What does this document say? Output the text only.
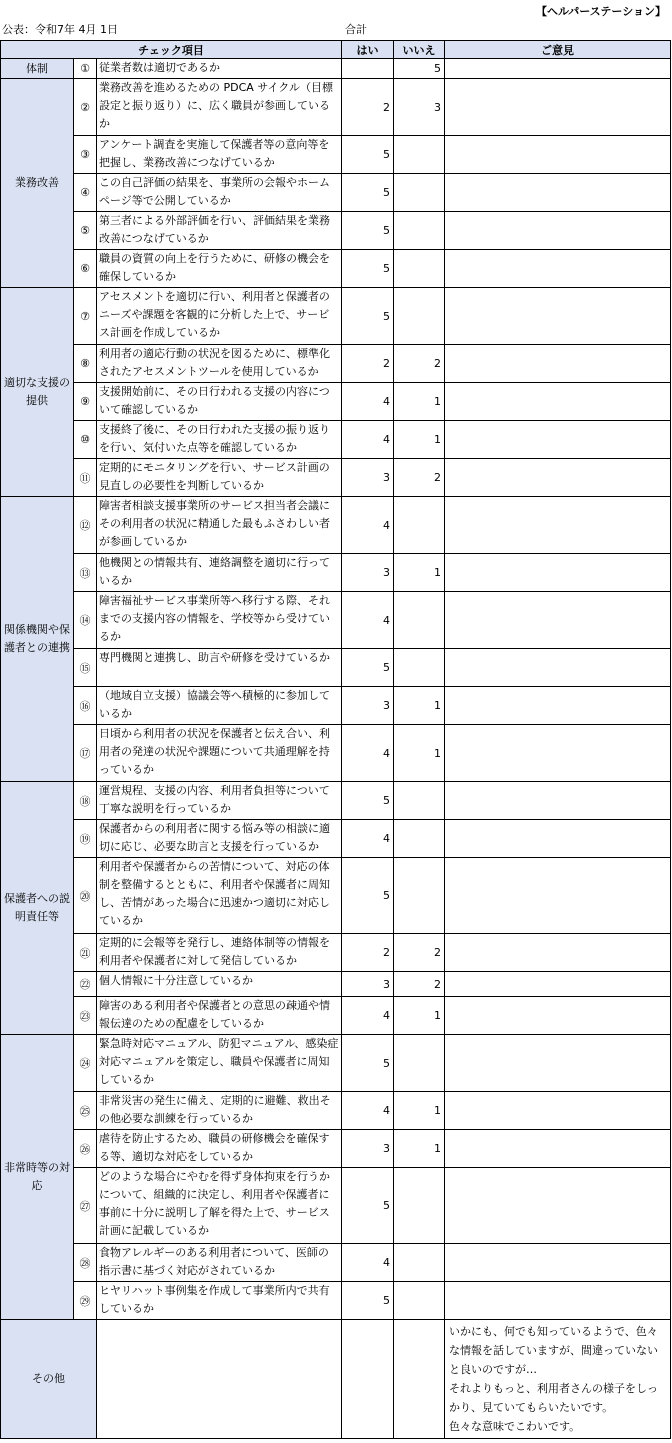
【ヘルパーステーション】
公表：令和7年 4月 1日	合計
チェック項目			はい	いいえ	ご意見
体制	①	従業者数は適切であるか		5	
業務改善	②	業務改善を進めるための PDCA サイクル（目標設定と振り返り）に、広く職員が参画しているか	2	3	
	③	アンケート調査を実施して保護者等の意向等を把握し、業務改善につなげているか	5		
	④	この自己評価の結果を、事業所の会報やホームページ等で公開しているか	5		
	⑤	第三者による外部評価を行い、評価結果を業務改善につなげているか	5		
	⑥	職員の資質の向上を行うために、研修の機会を確保しているか	5		
適切な支援の提供	⑦	アセスメントを適切に行い、利用者と保護者のニーズや課題を客観的に分析した上で、サービス計画を作成しているか	5		
	⑧	利用者の適応行動の状況を図るために、標準化されたアセスメントツールを使用しているか	2	2	
	⑨	支援開始前に、その日行われる支援の内容について確認しているか	4	1	
	⑩	支援終了後に、その日行われた支援の振り返りを行い、気付いた点等を確認しているか	4	1	
	⑪	定期的にモニタリングを行い、サービス計画の見直しの必要性を判断しているか	3	2	
関係機関や保護者との連携	⑫	障害者相談支援事業所のサービス担当者会議にその利用者の状況に精通した最もふさわしい者が参画しているか	4		
	⑬	他機関との情報共有、連絡調整を適切に行っているか	3	1	
	⑭	障害福祉サービス事業所等へ移行する際、それまでの支援内容の情報を、学校等から受けているか	4		
	⑮	専門機関と連携し、助言や研修を受けているか	5		
	⑯	（地域自立支援）協議会等へ積極的に参加しているか	3	1	
	⑰	日頃から利用者の状況を保護者と伝え合い、利用者の発達の状況や課題について共通理解を持っているか	4	1	
保護者への説明責任等	⑱	運営規程、支援の内容、利用者負担等について丁寧な説明を行っているか	5		
	⑲	保護者からの利用者に関する悩み等の相談に適切に応じ、必要な助言と支援を行っているか	4		
	⑳	利用者や保護者からの苦情について、対応の体制を整備するとともに、利用者や保護者に周知し、苦情があった場合に迅速かつ適切に対応しているか	5		
	㉑	定期的に会報等を発行し、連絡体制等の情報を利用者や保護者に対して発信しているか	2	2	
	㉒	個人情報に十分注意しているか	3	2	
	㉓	障害のある利用者や保護者との意思の疎通や情報伝達のための配慮をしているか	4	1	
非常時等の対応	㉔	緊急時対応マニュアル、防犯マニュアル、感染症対応マニュアルを策定し、職員や保護者に周知しているか	5		
	㉕	非常災害の発生に備え、定期的に避難、救出その他必要な訓練を行っているか	4	1	
	㉖	虐待を防止するため、職員の研修機会を確保する等、適切な対応をしているか	3	1	
	㉗	どのような場合にやむを得ず身体拘束を行うかについて、組織的に決定し、利用者や保護者に事前に十分に説明し了解を得た上で、サービス計画に記載しているか	5		
	㉘	食物アレルギーのある利用者について、医師の指示書に基づく対応がされているか	4		
	㉙	ヒヤリハット事例集を作成して事業所内で共有しているか	5		
その他					いかにも、何でも知っているようで、色々な情報を話していますが、間違っていないと良いのですが…
それよりもっと、利用者さんの様子をしっかり、見ていてもらいたいです。
色々な意味でこわいです。
